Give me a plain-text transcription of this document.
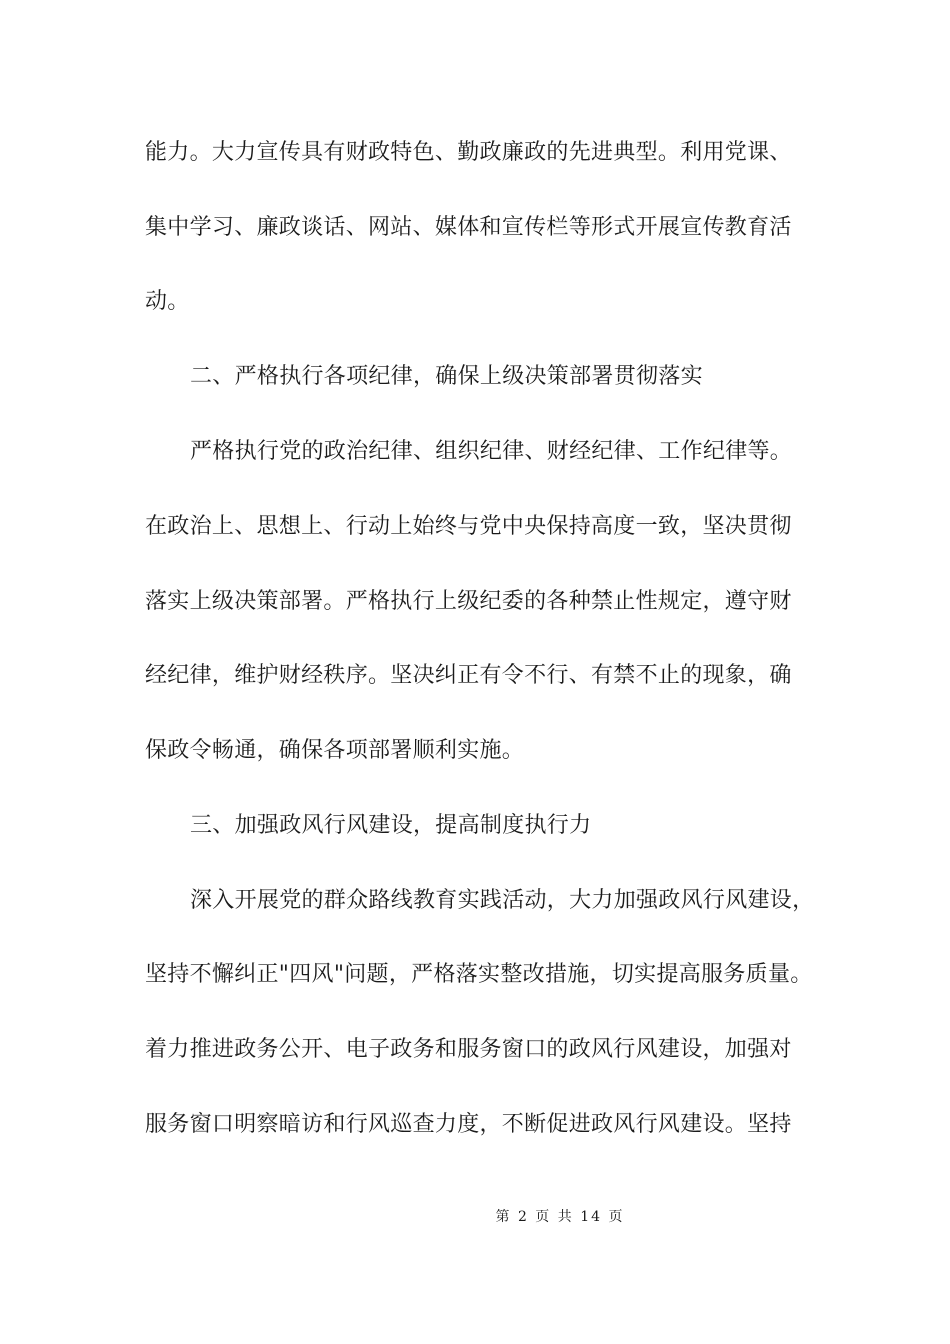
能力。大力宣传具有财政特色、勤政廉政的先进典型。利用党课、
集中学习、廉政谈话、网站、媒体和宣传栏等形式开展宣传教育活
动。
二、严格执行各项纪律，确保上级决策部署贯彻落实
严格执行党的政治纪律、组织纪律、财经纪律、工作纪律等。
在政治上、思想上、行动上始终与党中央保持高度一致，坚决贯彻
落实上级决策部署。严格执行上级纪委的各种禁止性规定，遵守财
经纪律，维护财经秩序。坚决纠正有令不行、有禁不止的现象，确
保政令畅通，确保各项部署顺利实施。
三、加强政风行风建设，提高制度执行力
深入开展党的群众路线教育实践活动，大力加强政风行风建设，
坚持不懈纠正"四风"问题，严格落实整改措施，切实提高服务质量。
着力推进政务公开、电子政务和服务窗口的政风行风建设，加强对
服务窗口明察暗访和行风巡查力度，不断促进政风行风建设。坚持
第 2 页 共 14 页
